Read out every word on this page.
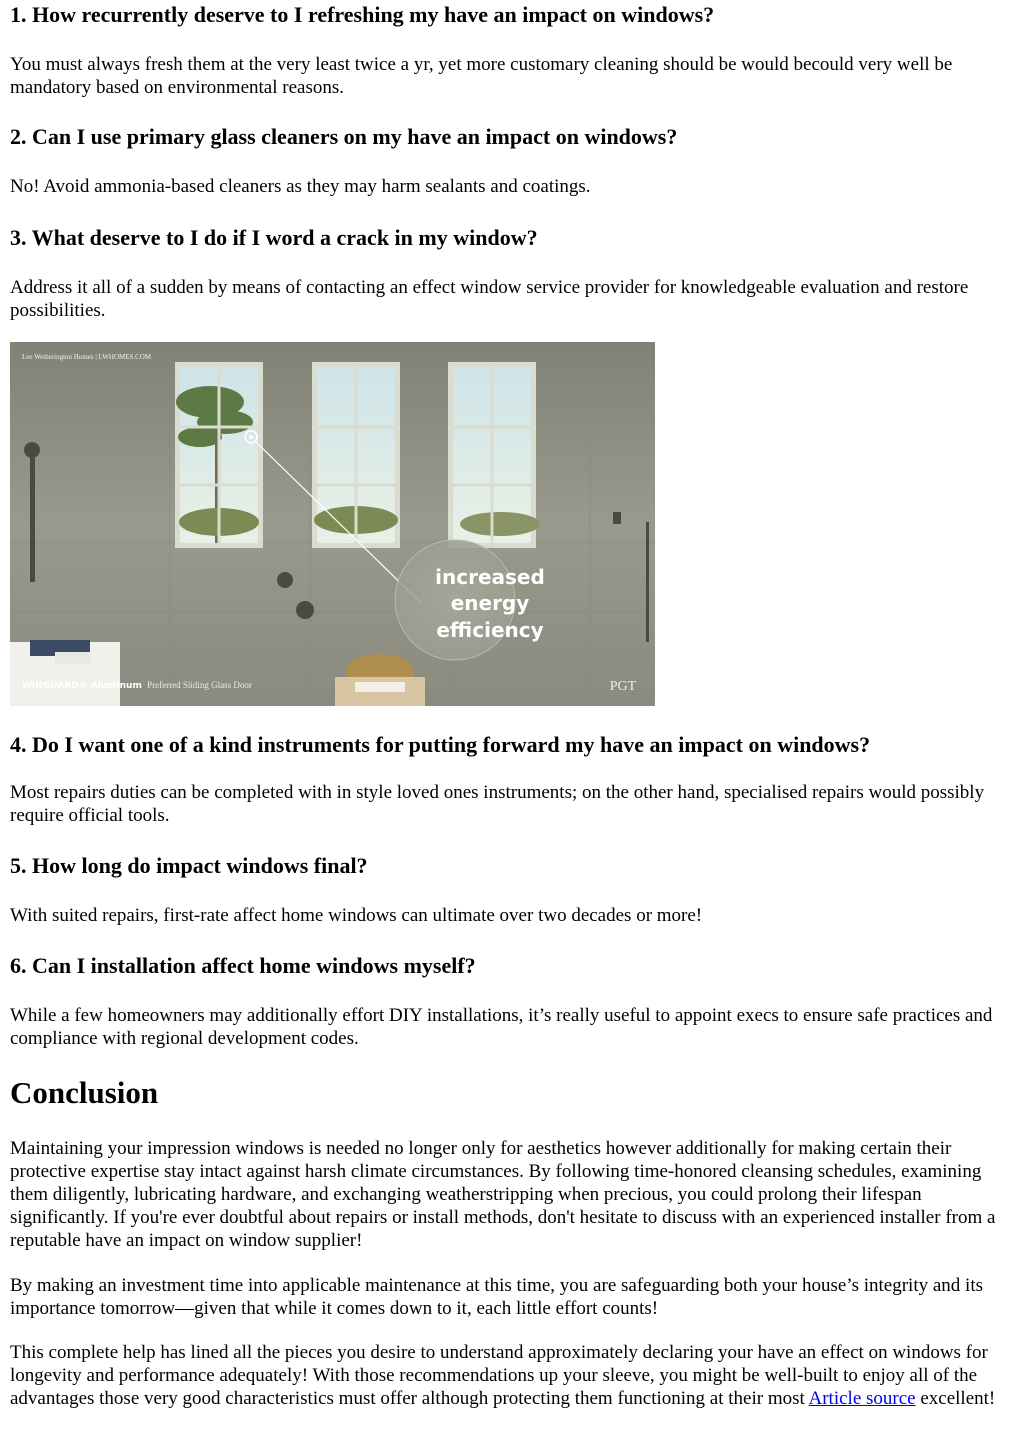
1. How recurrently deserve to I refreshing my have an impact on windows?

You must always fresh them at the very least twice a yr, yet more customary cleaning should be would becould very well be mandatory based on environmental reasons.

2. Can I use primary glass cleaners on my have an impact on windows?

No! Avoid ammonia-based cleaners as they may harm sealants and coatings.

3. What deserve to I do if I word a crack in my window?

Address it all of a sudden by means of contacting an effect window service provider for knowledgeable evaluation and restore possibilities.

Lee Wetherington Homes | LWHOMES.COM
increased
energy
efficiency
WINGUARD® Aluminum Preferred Sliding Glass Door	PGT
4. Do I want one of a kind instruments for putting forward my have an impact on windows?

Most repairs duties can be completed with in style loved ones instruments; on the other hand, specialised repairs would possibly require official tools.

5. How long do impact windows final?

With suited repairs, first-rate affect home windows can ultimate over two decades or more!

6. Can I installation affect home windows myself?

While a few homeowners may additionally effort DIY installations, it’s really useful to appoint execs to ensure safe practices and compliance with regional development codes.

Conclusion

Maintaining your impression windows is needed no longer only for aesthetics however additionally for making certain their protective expertise stay intact against harsh climate circumstances. By following time-honored cleansing schedules, examining them diligently, lubricating hardware, and exchanging weatherstripping when precious, you could prolong their lifespan significantly. If you're ever doubtful about repairs or install methods, don't hesitate to discuss with an experienced installer from a reputable have an impact on window supplier!

By making an investment time into applicable maintenance at this time, you are safeguarding both your house’s integrity and its importance tomorrow—given that while it comes down to it, each little effort counts!

This complete help has lined all the pieces you desire to understand approximately declaring your have an effect on windows for longevity and performance adequately! With those recommendations up your sleeve, you might be well-built to enjoy all of the advantages those very good characteristics must offer although protecting them functioning at their most Article source excellent!
